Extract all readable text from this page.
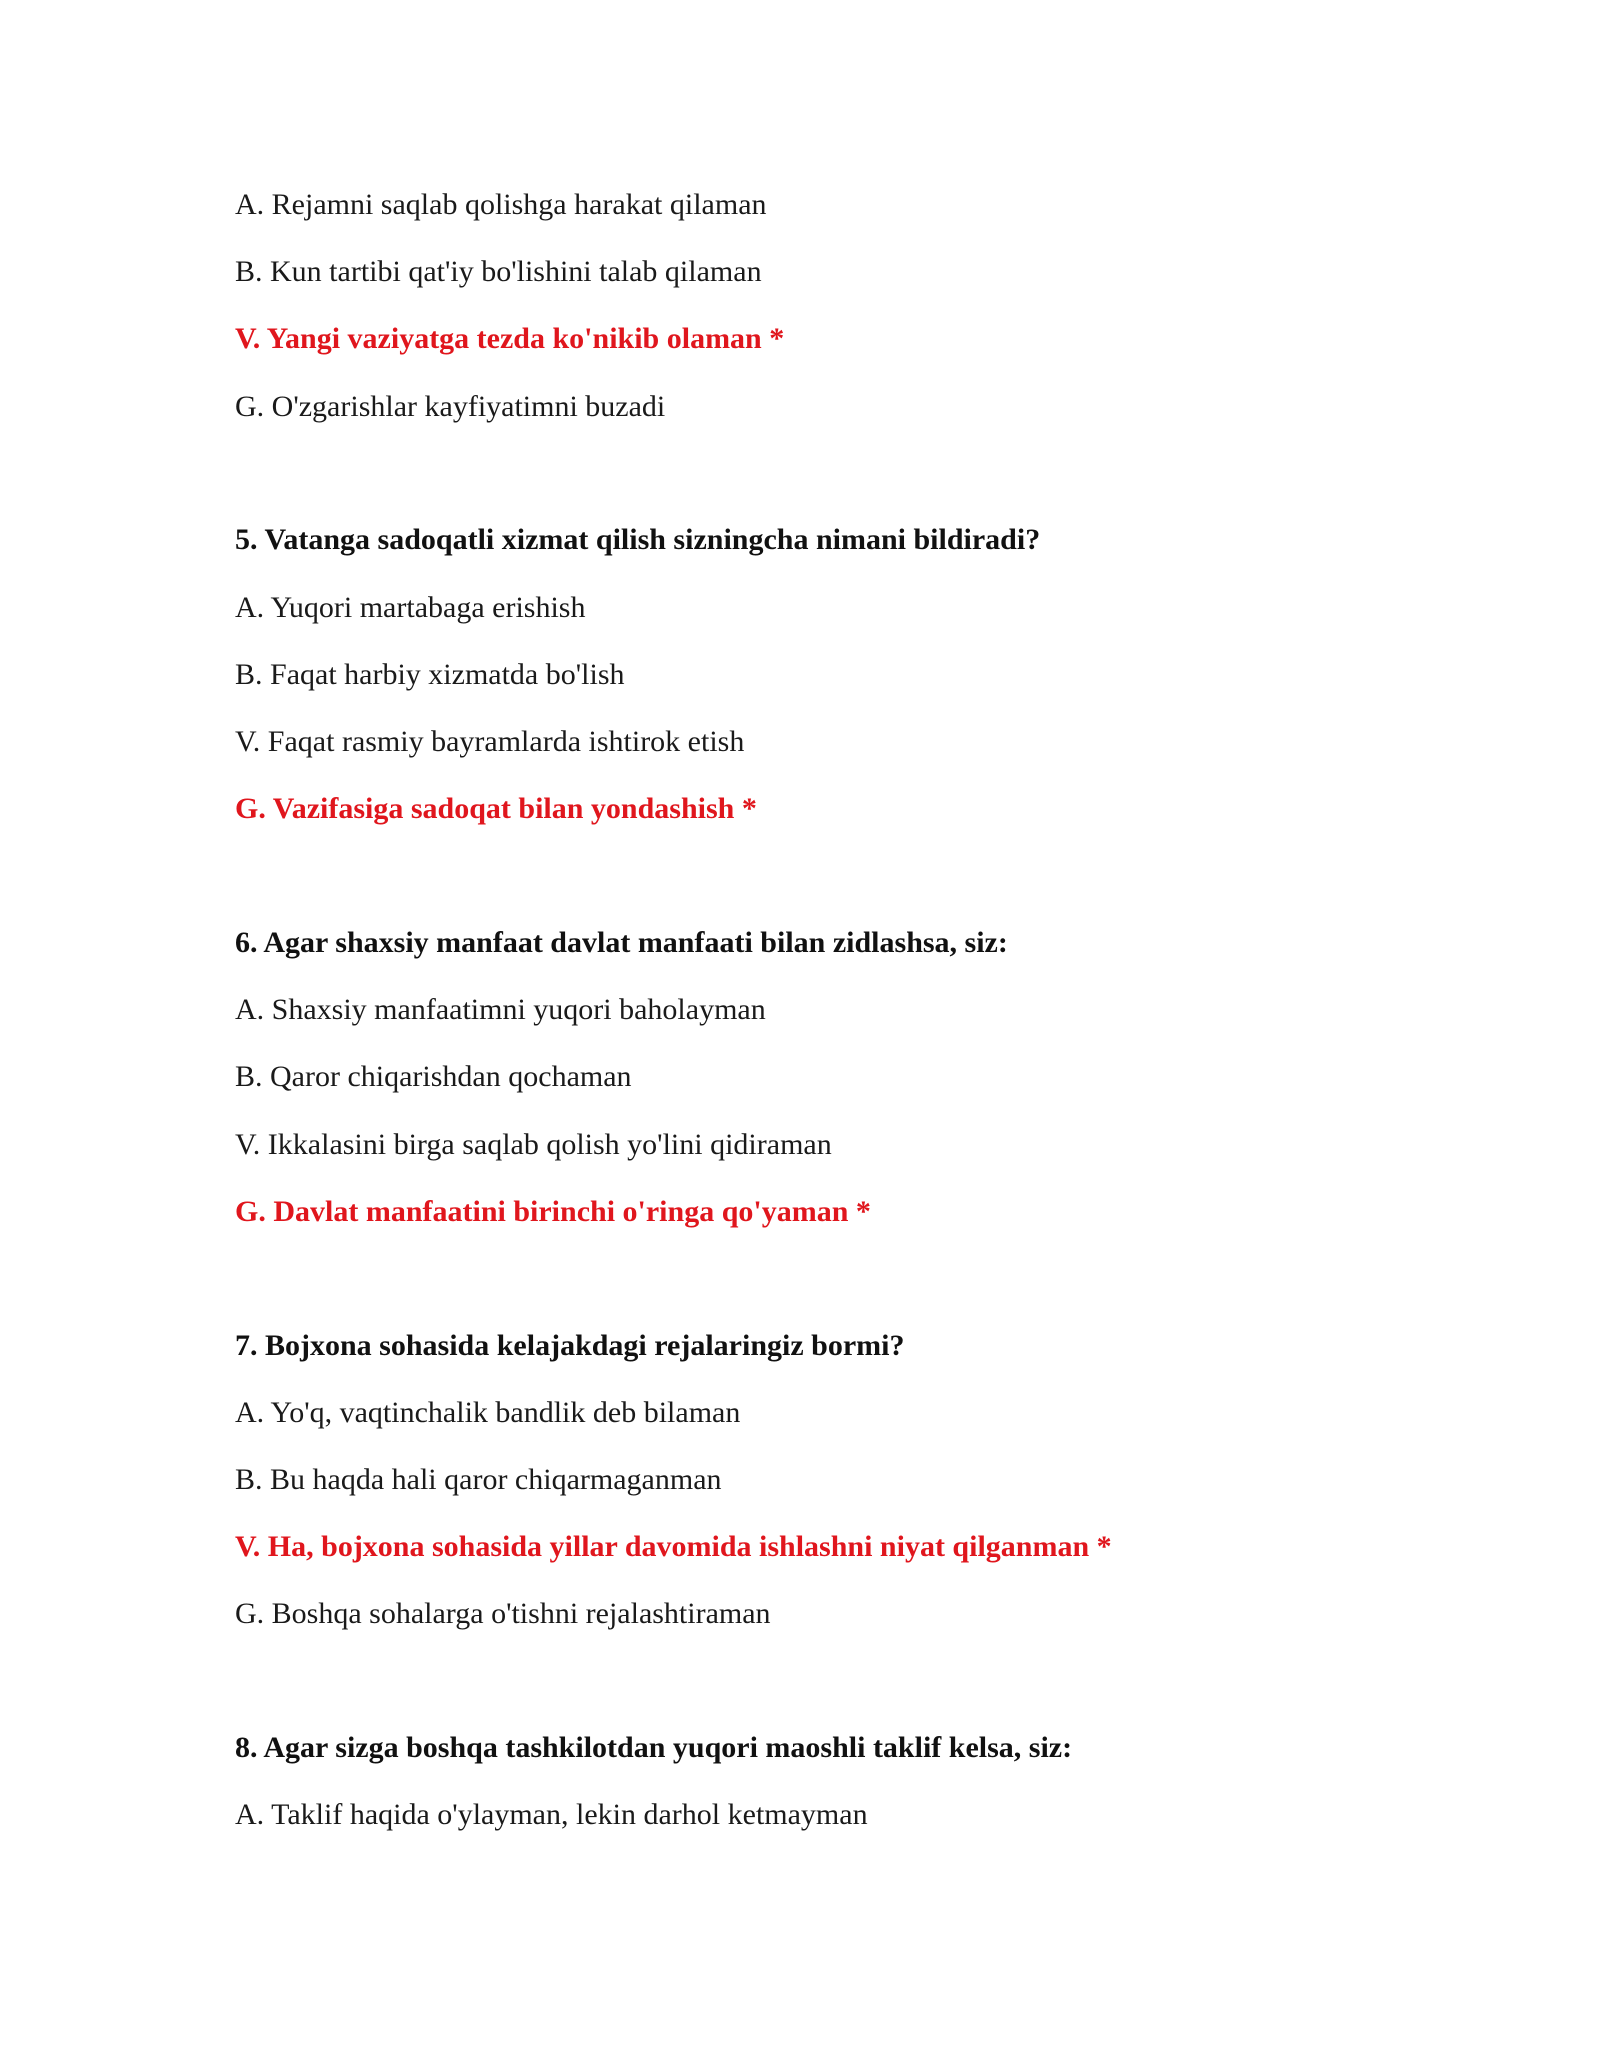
A. Rejamni saqlab qolishga harakat qilaman
B. Kun tartibi qat'iy bo'lishini talab qilaman
V. Yangi vaziyatga tezda ko'nikib olaman *
G. O'zgarishlar kayfiyatimni buzadi
5. Vatanga sadoqatli xizmat qilish sizningcha nimani bildiradi?
A. Yuqori martabaga erishish
B. Faqat harbiy xizmatda bo'lish
V. Faqat rasmiy bayramlarda ishtirok etish
G. Vazifasiga sadoqat bilan yondashish *
6. Agar shaxsiy manfaat davlat manfaati bilan zidlashsa, siz:
A. Shaxsiy manfaatimni yuqori baholayman
B. Qaror chiqarishdan qochaman
V. Ikkalasini birga saqlab qolish yo'lini qidiraman
G. Davlat manfaatini birinchi o'ringa qo'yaman *
7. Bojxona sohasida kelajakdagi rejalaringiz bormi?
A. Yo'q, vaqtinchalik bandlik deb bilaman
B. Bu haqda hali qaror chiqarmaganman
V. Ha, bojxona sohasida yillar davomida ishlashni niyat qilganman *
G. Boshqa sohalarga o'tishni rejalashtiraman
8. Agar sizga boshqa tashkilotdan yuqori maoshli taklif kelsa, siz:
A. Taklif haqida o'ylayman, lekin darhol ketmayman
